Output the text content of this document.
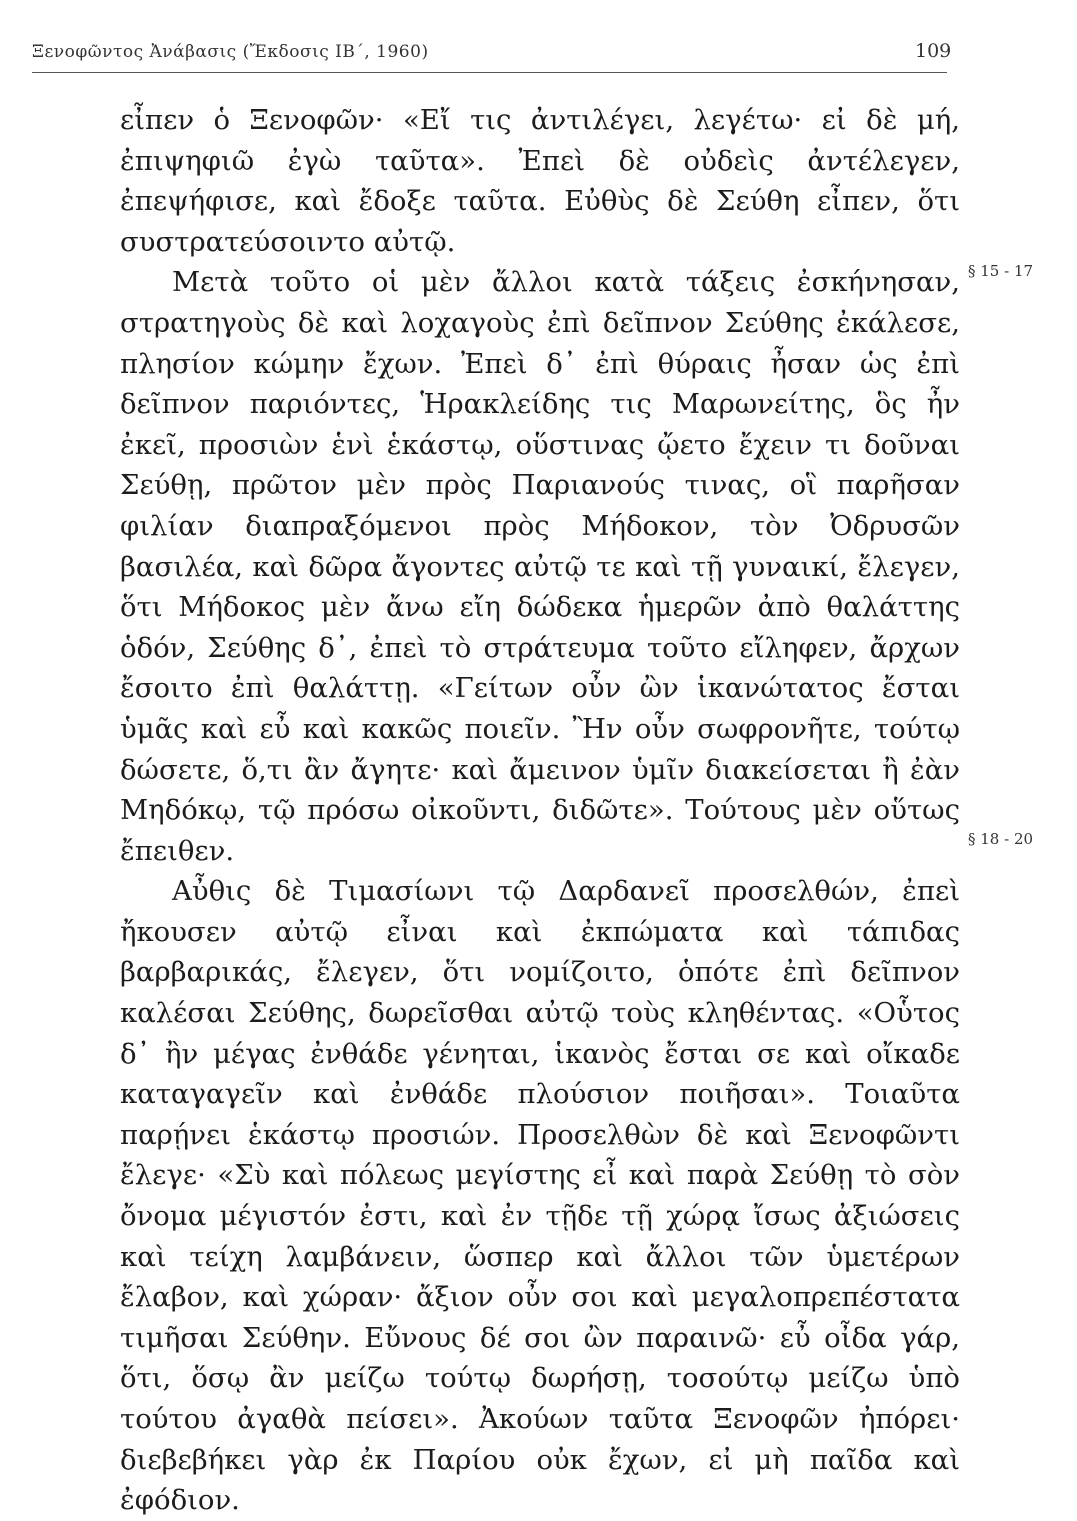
Ξενοφῶντος Ἀνάβασις (Ἔκδοσις ΙΒ΄, 1960)	109

εἶπεν ὁ Ξενοφῶν· «Εἴ τις ἀντιλέγει, λεγέτω· εἰ δὲ μή, ἐπιψηφιῶ ἐγὼ ταῦτα». Ἐπεὶ δὲ οὐδεὶς ἀντέλεγεν, ἐπεψήφισε, καὶ ἔδοξε ταῦτα. Εὐθὺς δὲ Σεύθη εἶπεν, ὅτι συστρατεύσοιντο αὐτῷ.

Μετὰ τοῦτο οἱ μὲν ἄλλοι κατὰ τάξεις ἐσκήνησαν, στρατηγοὺς δὲ καὶ λοχαγοὺς ἐπὶ δεῖπνον Σεύθης ἐκάλεσε, πλησίον κώμην ἔχων. Ἐπεὶ δ᾽ ἐπὶ θύραις ἦσαν ὡς ἐπὶ δεῖπνον παριόντες, Ἡρακλείδης τις Μαρωνείτης, ὃς ἦν ἐκεῖ, προσιὼν ἑνὶ ἑκάστῳ, οὕστινας ᾤετο ἔχειν τι δοῦναι Σεύθῃ, πρῶτον μὲν πρὸς Παριανούς τινας, οἳ παρῆσαν φιλίαν διαπραξόμενοι πρὸς Μήδοκον, τὸν Ὀδρυσῶν βασιλέα, καὶ δῶρα ἄγοντες αὐτῷ τε καὶ τῇ γυναικί, ἔλεγεν, ὅτι Μήδοκος μὲν ἄνω εἴη δώδεκα ἡμερῶν ἀπὸ θαλάττης ὁδόν, Σεύθης δ᾽, ἐπεὶ τὸ στράτευμα τοῦτο εἴληφεν, ἄρχων ἔσοιτο ἐπὶ θαλάττῃ. «Γείτων οὖν ὢν ἱκανώτατος ἔσται ὑμᾶς καὶ εὖ καὶ κακῶς ποιεῖν. Ἢν οὖν σωφρονῆτε, τούτῳ δώσετε, ὅ,τι ἂν ἄγητε· καὶ ἄμεινον ὑμῖν διακείσεται ἢ ἐὰν Μηδόκῳ, τῷ πρόσω οἰκοῦντι, διδῶτε». Τούτους μὲν οὕτως ἔπειθεν.

Αὖθις δὲ Τιμασίωνι τῷ Δαρδανεῖ προσελθών, ἐπεὶ ἤκουσεν αὐτῷ εἶναι καὶ ἐκπώματα καὶ τάπιδας βαρβαρικάς, ἔλεγεν, ὅτι νομίζοιτο, ὁπότε ἐπὶ δεῖπνον καλέσαι Σεύθης, δωρεῖσθαι αὐτῷ τοὺς κληθέντας. «Οὗτος δ᾽ ἢν μέγας ἐνθάδε γένηται, ἱκανὸς ἔσται σε καὶ οἴκαδε καταγαγεῖν καὶ ἐνθάδε πλούσιον ποιῆσαι». Τοιαῦτα παρῄνει ἑκάστῳ προσιών. Προσελθὼν δὲ καὶ Ξενοφῶντι ἔλεγε· «Σὺ καὶ πόλεως μεγίστης εἶ καὶ παρὰ Σεύθῃ τὸ σὸν ὄνομα μέγιστόν ἐστι, καὶ ἐν τῇδε τῇ χώρᾳ ἴσως ἀξιώσεις καὶ τείχη λαμβάνειν, ὥσπερ καὶ ἄλλοι τῶν ὑμετέρων ἔλαβον, καὶ χώραν· ἄξιον οὖν σοι καὶ μεγαλοπρεπέστατα τιμῆσαι Σεύθην. Εὔνους δέ σοι ὢν παραινῶ· εὖ οἶδα γάρ, ὅτι, ὅσῳ ἂν μείζω τούτῳ δωρήσῃ, τοσούτῳ μείζω ὑπὸ τούτου ἀγαθὰ πείσει». Ἀκούων ταῦτα Ξενοφῶν ἠπόρει· διεβεβήκει γὰρ ἐκ Παρίου οὐκ ἔχων, εἰ μὴ παῖδα καὶ ἐφόδιον.

§ 15 - 17
§ 18 - 20
